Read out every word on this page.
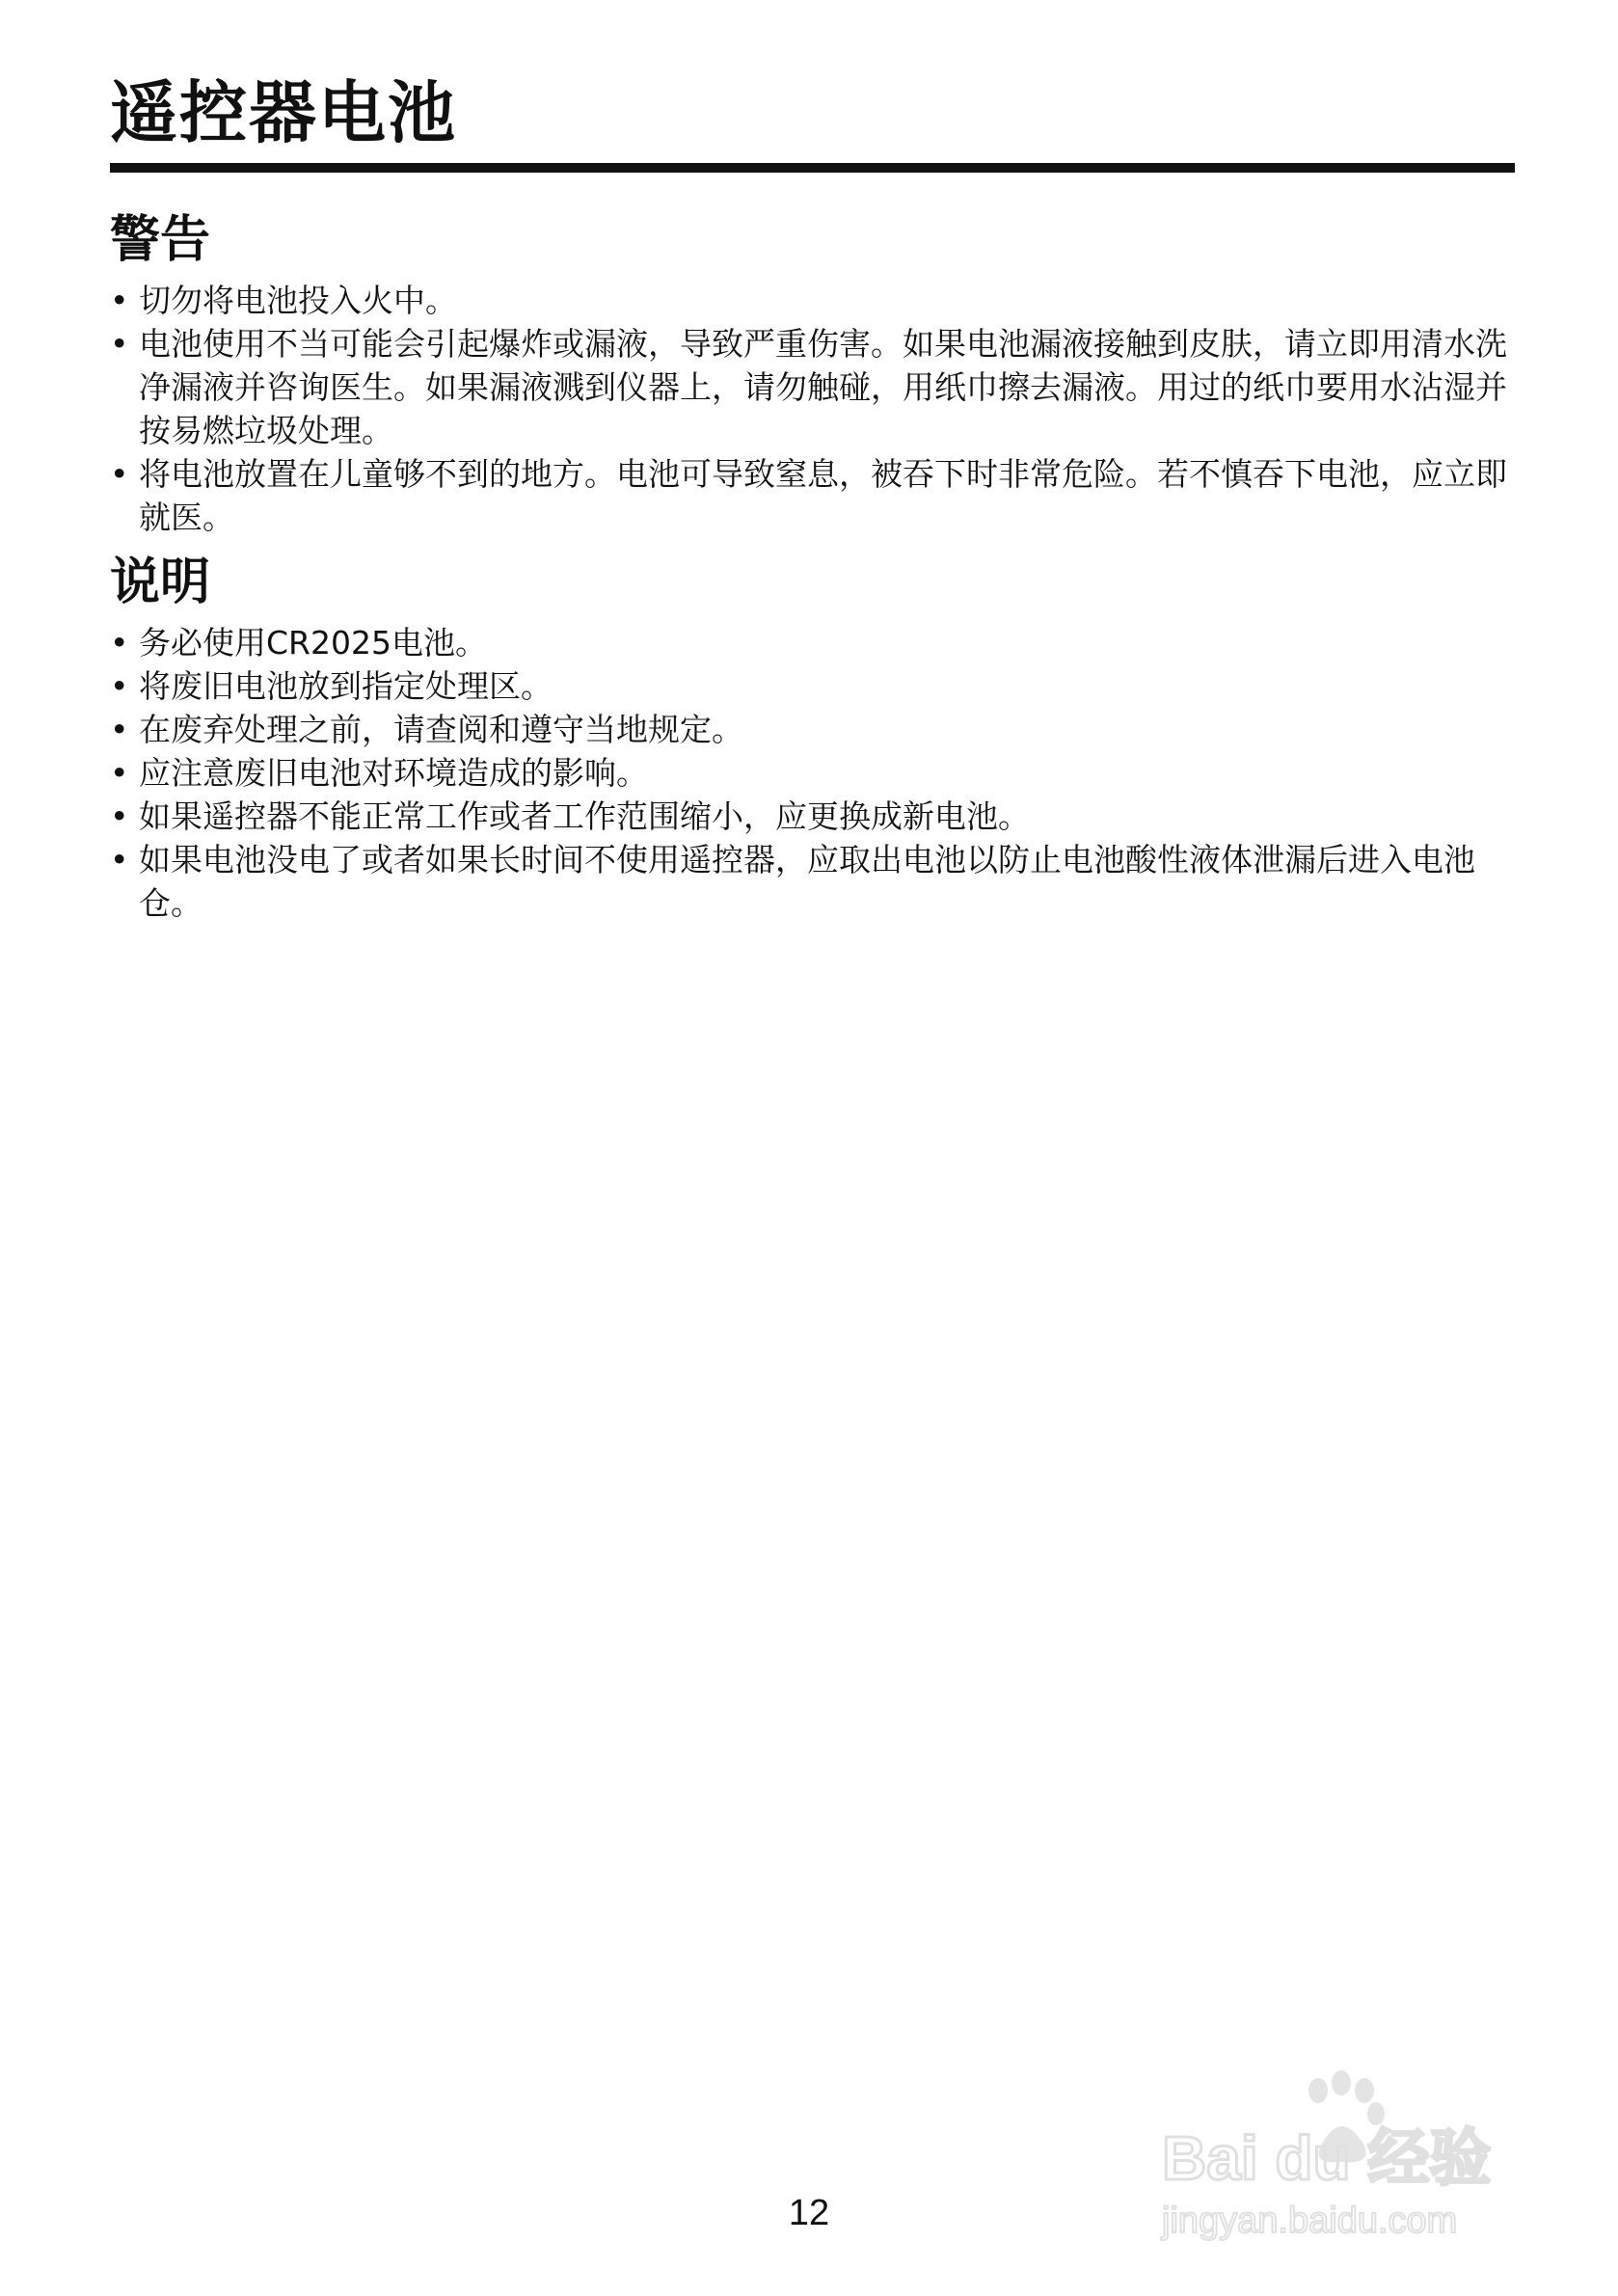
遥控器电池
警告
• 切勿将电池投入火中。
• 电池使用不当可能会引起爆炸或漏液，导致严重伤害。如果电池漏液接触到皮肤，请立即用清水洗净漏液并咨询医生。如果漏液溅到仪器上，请勿触碰，用纸巾擦去漏液。用过的纸巾要用水沾湿并按易燃垃圾处理。
• 将电池放置在儿童够不到的地方。电池可导致窒息，被吞下时非常危险。若不慎吞下电池，应立即就医。
说明
• 务必使用CR2025电池。
• 将废旧电池放到指定处理区。
• 在废弃处理之前，请查阅和遵守当地规定。
• 应注意废旧电池对环境造成的影响。
• 如果遥控器不能正常工作或者工作范围缩小，应更换成新电池。
• 如果电池没电了或者如果长时间不使用遥控器，应取出电池以防止电池酸性液体泄漏后进入电池仓。
Bai du 经验
jingyan.baidu.com
12
